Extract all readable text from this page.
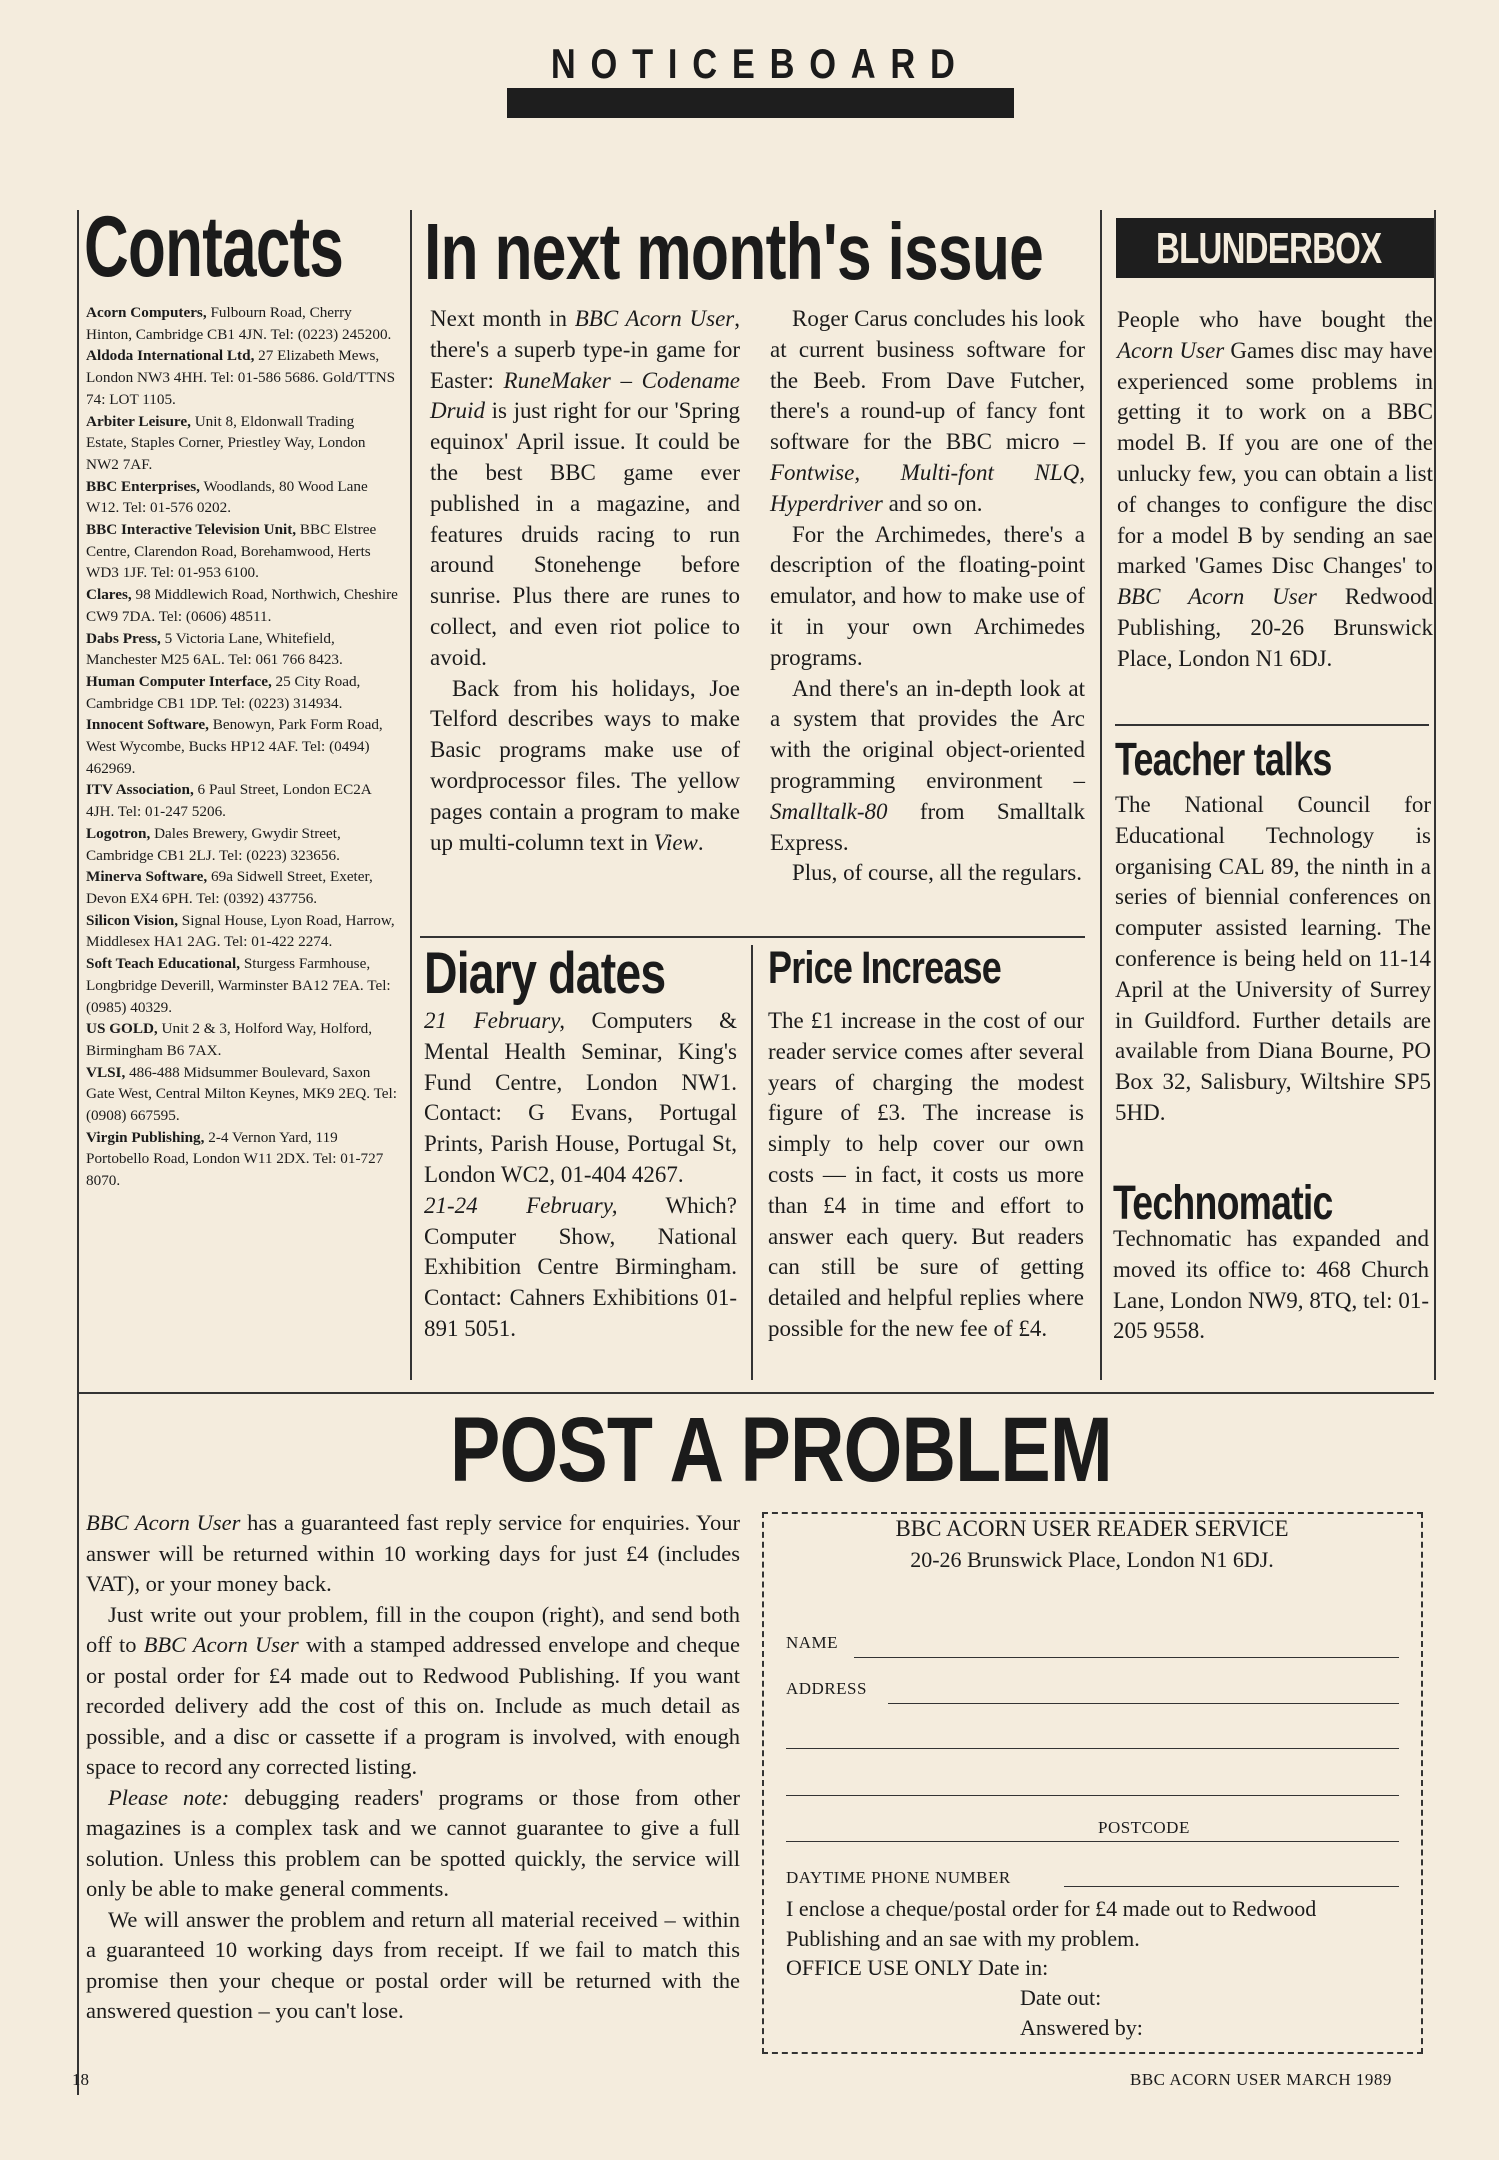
NOTICEBOARD
Contacts
Acorn Computers, Fulbourn Road, Cherry Hinton, Cambridge CB1 4JN. Tel: (0223) 245200.
Aldoda International Ltd, 27 Elizabeth Mews, London NW3 4HH. Tel: 01-586 5686. Gold/TTNS 74: LOT 1105.
Arbiter Leisure, Unit 8, Eldonwall Trading Estate, Staples Corner, Priestley Way, London NW2 7AF.
BBC Enterprises, Woodlands, 80 Wood Lane W12. Tel: 01-576 0202.
BBC Interactive Television Unit, BBC Elstree Centre, Clarendon Road, Borehamwood, Herts WD3 1JF. Tel: 01-953 6100.
Clares, 98 Middlewich Road, Northwich, Cheshire CW9 7DA. Tel: (0606) 48511.
Dabs Press, 5 Victoria Lane, Whitefield, Manchester M25 6AL. Tel: 061 766 8423.
Human Computer Interface, 25 City Road, Cambridge CB1 1DP. Tel: (0223) 314934.
Innocent Software, Benowyn, Park Form Road, West Wycombe, Bucks HP12 4AF. Tel: (0494) 462969.
ITV Association, 6 Paul Street, London EC2A 4JH. Tel: 01-247 5206.
Logotron, Dales Brewery, Gwydir Street, Cambridge CB1 2LJ. Tel: (0223) 323656.
Minerva Software, 69a Sidwell Street, Exeter, Devon EX4 6PH. Tel: (0392) 437756.
Silicon Vision, Signal House, Lyon Road, Harrow, Middlesex HA1 2AG. Tel: 01-422 2274.
Soft Teach Educational, Sturgess Farmhouse, Longbridge Deverill, Warminster BA12 7EA. Tel: (0985) 40329.
US GOLD, Unit 2 & 3, Holford Way, Holford, Birmingham B6 7AX.
VLSI, 486-488 Midsummer Boulevard, Saxon Gate West, Central Milton Keynes, MK9 2EQ. Tel: (0908) 667595.
Virgin Publishing, 2-4 Vernon Yard, 119 Portobello Road, London W11 2DX. Tel: 01-727 8070.
In next month's issue

Next month in BBC Acorn User, there's a superb type-in game for Easter: RuneMaker – Codename Druid is just right for our 'Spring equinox' April issue. It could be the best BBC game ever published in a magazine, and features druids racing to run around Stonehenge before sunrise. Plus there are runes to collect, and even riot police to avoid.

Back from his holidays, Joe Telford describes ways to make Basic programs make use of wordprocessor files. The yellow pages contain a program to make up multi-column text in View.

Roger Carus concludes his look at current business software for the Beeb. From Dave Futcher, there's a round-up of fancy font software for the BBC micro – Fontwise, Multi-font NLQ, Hyperdriver and so on.

For the Archimedes, there's a description of the floating-point emulator, and how to make use of it in your own Archimedes programs.

And there's an in-depth look at a system that provides the Arc with the original object-oriented programming environment – Smalltalk-80 from Smalltalk Express.

Plus, of course, all the regulars.

Diary dates

21 February, Computers & Mental Health Seminar, King's Fund Centre, London NW1. Contact: G Evans, Portugal Prints, Parish House, Portugal St, London WC2, 01-404 4267.

21-24 February, Which? Computer Show, National Exhibition Centre Birmingham. Contact: Cahners Exhibitions 01-891 5051.

Price Increase

The £1 increase in the cost of our reader service comes after several years of charging the modest figure of £3. The increase is simply to help cover our own costs — in fact, it costs us more than £4 in time and effort to answer each query. But readers can still be sure of getting detailed and helpful replies where possible for the new fee of £4.

BLUNDERBOX

People who have bought the Acorn User Games disc may have experienced some problems in getting it to work on a BBC model B. If you are one of the unlucky few, you can obtain a list of changes to configure the disc for a model B by sending an sae marked 'Games Disc Changes' to BBC Acorn User Redwood Publishing, 20-26 Brunswick Place, London N1 6DJ.

Teacher talks

The National Council for Educational Technology is organising CAL 89, the ninth in a series of biennial conferences on computer assisted learning. The conference is being held on 11-14 April at the University of Surrey in Guildford. Further details are available from Diana Bourne, PO Box 32, Salisbury, Wiltshire SP5 5HD.

Technomatic

Technomatic has expanded and moved its office to: 468 Church Lane, London NW9, 8TQ, tel: 01-205 9558.

POST A PROBLEM

BBC Acorn User has a guaranteed fast reply service for enquiries. Your answer will be returned within 10 working days for just £4 (includes VAT), or your money back.

Just write out your problem, fill in the coupon (right), and send both off to BBC Acorn User with a stamped addressed envelope and cheque or postal order for £4 made out to Redwood Publishing. If you want recorded delivery add the cost of this on. Include as much detail as possible, and a disc or cassette if a program is involved, with enough space to record any corrected listing.

Please note: debugging readers' programs or those from other magazines is a complex task and we cannot guarantee to give a full solution. Unless this problem can be spotted quickly, the service will only be able to make general comments.

We will answer the problem and return all material received – within a guaranteed 10 working days from receipt. If we fail to match this promise then your cheque or postal order will be returned with the answered question – you can't lose.

BBC ACORN USER READER SERVICE
20-26 Brunswick Place, London N1 6DJ.
NAME
ADDRESS
POSTCODE
DAYTIME PHONE NUMBER
I enclose a cheque/postal order for £4 made out to Redwood Publishing and an sae with my problem.
OFFICE USE ONLY Date in:
Date out:
Answered by:
18	BBC ACORN USER MARCH 1989
